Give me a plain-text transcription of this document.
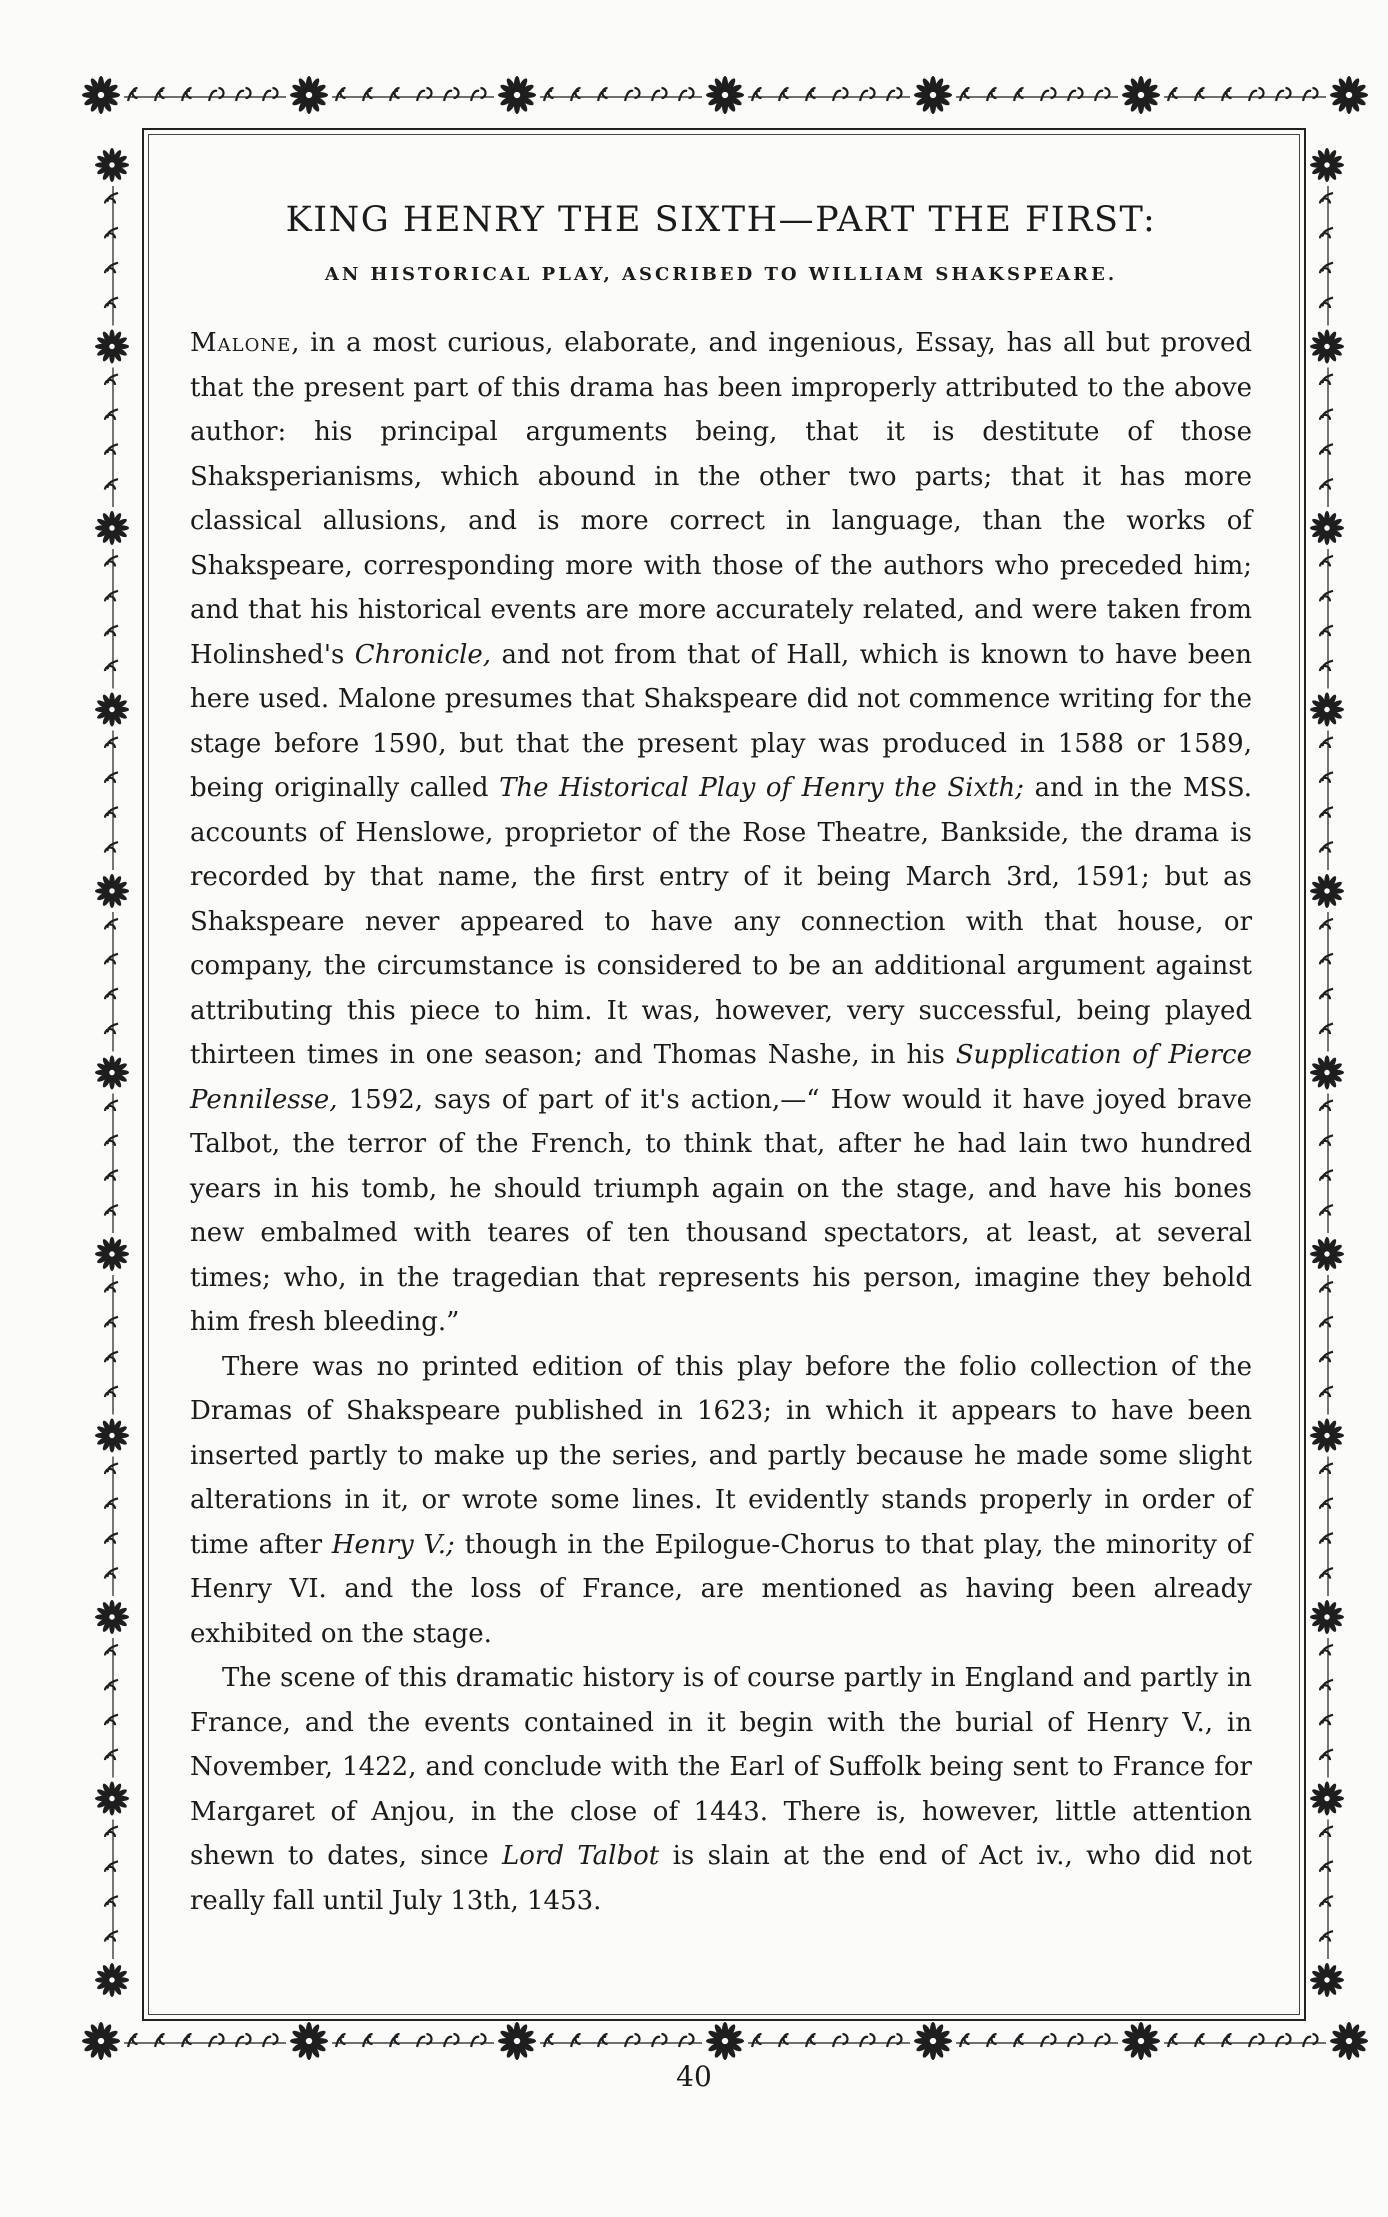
KING HENRY THE SIXTH—PART THE FIRST:
AN HISTORICAL PLAY, ASCRIBED TO WILLIAM SHAKSPEARE.

Malone, in a most curious, elaborate, and ingenious, Essay, has all but proved that the present part of this drama has been improperly attributed to the above author: his principal arguments being, that it is destitute of those Shaksperianisms, which abound in the other two parts; that it has more classical allusions, and is more correct in language, than the works of Shakspeare, corresponding more with those of the authors who preceded him; and that his historical events are more accurately related, and were taken from Holinshed's Chronicle, and not from that of Hall, which is known to have been here used. Malone presumes that Shakspeare did not commence writing for the stage before 1590, but that the present play was produced in 1588 or 1589, being originally called The Historical Play of Henry the Sixth; and in the MSS. accounts of Henslowe, proprietor of the Rose Theatre, Bankside, the drama is recorded by that name, the first entry of it being March 3rd, 1591; but as Shakspeare never appeared to have any connection with that house, or company, the circumstance is considered to be an additional argument against attributing this piece to him. It was, however, very successful, being played thirteen times in one season; and Thomas Nashe, in his Supplication of Pierce Pennilesse, 1592, says of part of it's action,—“ How would it have joyed brave Talbot, the terror of the French, to think that, after he had lain two hundred years in his tomb, he should triumph again on the stage, and have his bones new embalmed with teares of ten thousand spectators, at least, at several times; who, in the tragedian that represents his person, imagine they behold him fresh bleeding.”

There was no printed edition of this play before the folio collection of the Dramas of Shakspeare published in 1623; in which it appears to have been inserted partly to make up the series, and partly because he made some slight alterations in it, or wrote some lines. It evidently stands properly in order of time after Henry V.; though in the Epilogue-Chorus to that play, the minority of Henry VI. and the loss of France, are mentioned as having been already exhibited on the stage.

The scene of this dramatic history is of course partly in England and partly in France, and the events contained in it begin with the burial of Henry V., in November, 1422, and conclude with the Earl of Suffolk being sent to France for Margaret of Anjou, in the close of 1443. There is, however, little attention shewn to dates, since Lord Talbot is slain at the end of Act iv., who did not really fall until July 13th, 1453.

40
